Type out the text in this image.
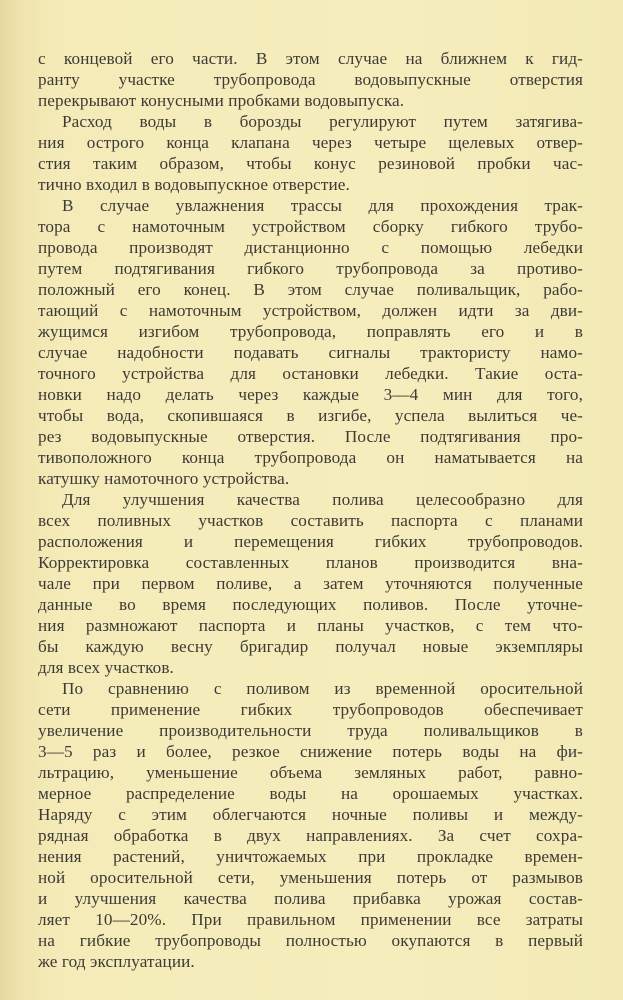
с концевой его части. В этом случае на ближнем к гид-
ранту участке трубопровода водовыпускные отверстия
перекрывают конусными пробками водовыпуска.
Расход воды в борозды регулируют путем затягива-
ния острого конца клапана через четыре щелевых отвер-
стия таким образом, чтобы конус резиновой пробки час-
тично входил в водовыпускное отверстие.
В случае увлажнения трассы для прохождения трак-
тора с намоточным устройством сборку гибкого трубо-
провода производят дистанционно с помощью лебедки
путем подтягивания гибкого трубопровода за противо-
положный его конец. В этом случае поливальщик, рабо-
тающий с намоточным устройством, должен идти за дви-
жущимся изгибом трубопровода, поправлять его и в
случае надобности подавать сигналы трактористу намо-
точного устройства для остановки лебедки. Такие оста-
новки надо делать через каждые 3—4 мин для того,
чтобы вода, скопившаяся в изгибе, успела вылиться че-
рез водовыпускные отверстия. После подтягивания про-
тивоположного конца трубопровода он наматывается на
катушку намоточного устройства.
Для улучшения качества полива целесообразно для
всех поливных участков составить паспорта с планами
расположения и перемещения гибких трубопроводов.
Корректировка составленных планов производится вна-
чале при первом поливе, а затем уточняются полученные
данные во время последующих поливов. После уточне-
ния размножают паспорта и планы участков, с тем что-
бы каждую весну бригадир получал новые экземпляры
для всех участков.
По сравнению с поливом из временной оросительной
сети применение гибких трубопроводов обеспечивает
увеличение производительности труда поливальщиков в
3—5 раз и более, резкое снижение потерь воды на фи-
льтрацию, уменьшение объема земляных работ, равно-
мерное распределение воды на орошаемых участках.
Наряду с этим облегчаются ночные поливы и междy-
рядная обработка в двух направлениях. За счет сохра-
нения растений, уничтожаемых при прокладке времен-
ной оросительной сети, уменьшения потерь от размывов
и улучшения качества полива прибавка урожая состав-
ляет 10—20%. При правильном применении все затраты
на гибкие трубопроводы полностью окупаются в первый
же год эксплуатации.
